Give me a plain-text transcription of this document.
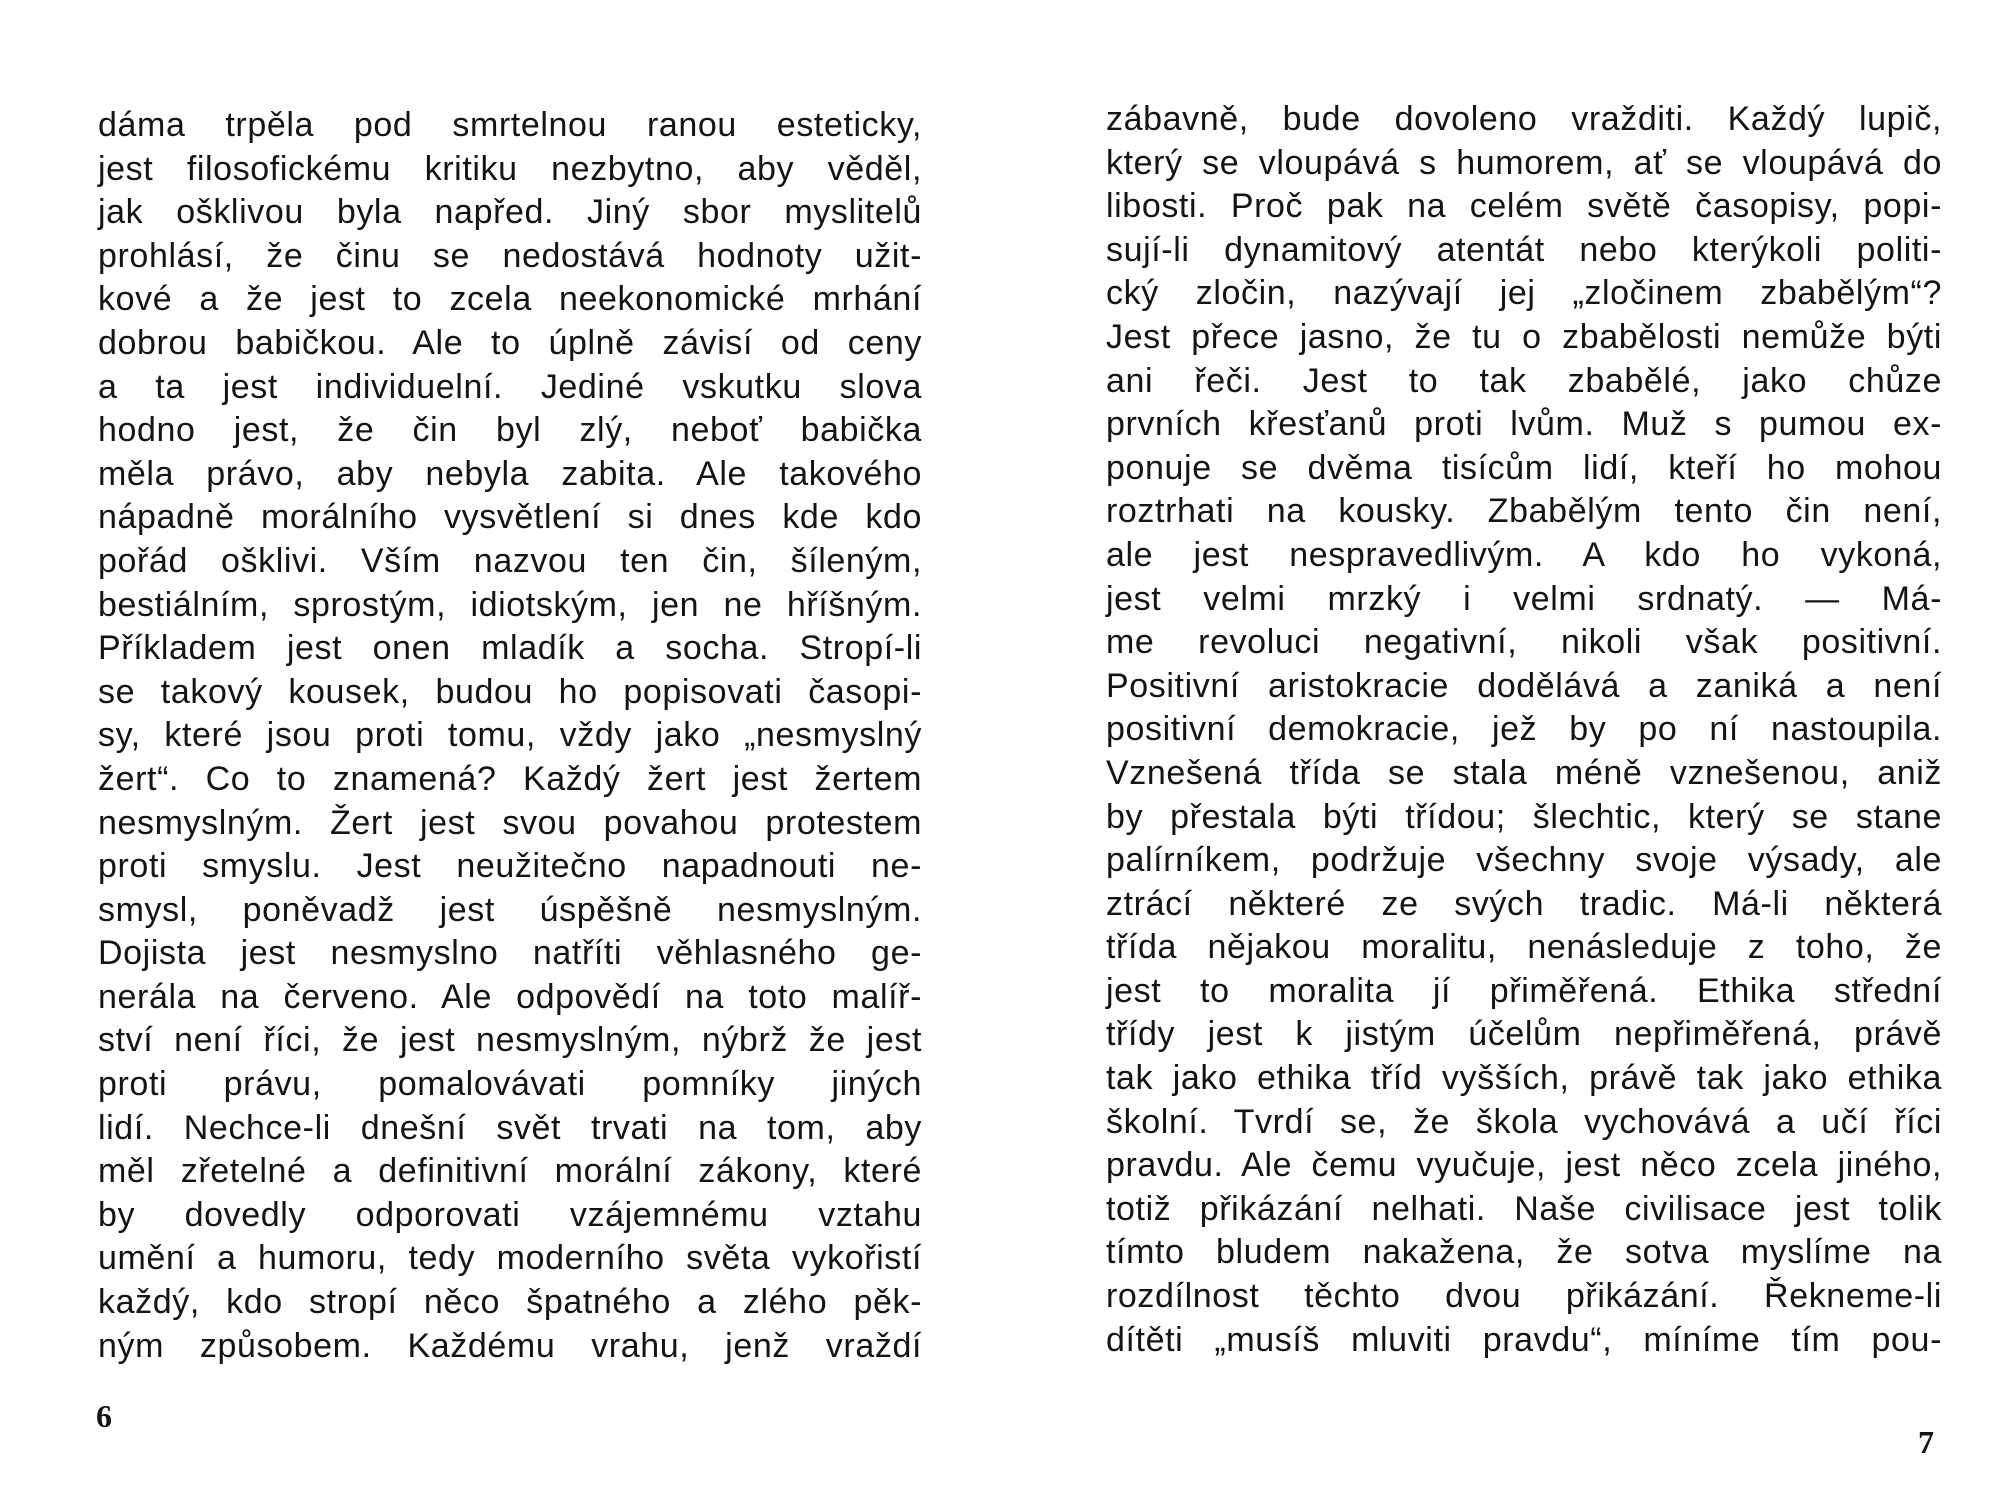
dáma trpěla pod smrtelnou ranou esteticky,
jest filosofickému kritiku nezbytno, aby věděl,
jak ošklivou byla napřed. Jiný sbor myslitelů
prohlásí, že činu se nedostává hodnoty užit-
kové a že jest to zcela neekonomické mrhání
dobrou babičkou. Ale to úplně závisí od ceny
a ta jest individuelní. Jediné vskutku slova
hodno jest, že čin byl zlý, neboť babička
měla právo, aby nebyla zabita. Ale takového
nápadně morálního vysvětlení si dnes kde kdo
pořád ošklivi. Vším nazvou ten čin, šíleným,
bestiálním, sprostým, idiotským, jen ne hříšným.
Příkladem jest onen mladík a socha. Stropí-li
se takový kousek, budou ho popisovati časopi-
sy, které jsou proti tomu, vždy jako „nesmyslný
žert“. Co to znamená? Každý žert jest žertem
nesmyslným. Žert jest svou povahou protestem
proti smyslu. Jest neužitečno napadnouti ne-
smysl, poněvadž jest úspěšně nesmyslným.
Dojista jest nesmyslno natříti věhlasného ge-
nerála na červeno. Ale odpovědí na toto malíř-
ství není říci, že jest nesmyslným, nýbrž že jest
proti právu, pomalovávati pomníky jiných
lidí. Nechce-li dnešní svět trvati na tom, aby
měl zřetelné a definitivní morální zákony, které
by dovedly odporovati vzájemnému vztahu
umění a humoru, tedy moderního světa vykořistí
každý, kdo stropí něco špatného a zlého pěk-
ným způsobem. Každému vrahu, jenž vraždí
6
zábavně, bude dovoleno vražditi. Každý lupič,
který se vloupává s humorem, ať se vloupává do
libosti. Proč pak na celém světě časopisy, popi-
sují-li dynamitový atentát nebo kterýkoli politi-
cký zločin, nazývají jej „zločinem zbabělým“?
Jest přece jasno, že tu o zbabělosti nemůže býti
ani řeči. Jest to tak zbabělé, jako chůze
prvních křesťanů proti lvům. Muž s pumou ex-
ponuje se dvěma tisícům lidí, kteří ho mohou
roztrhati na kousky. Zbabělým tento čin není,
ale jest nespravedlivým. A kdo ho vykoná,
jest velmi mrzký i velmi srdnatý. — Má-
me revoluci negativní, nikoli však positivní.
Positivní aristokracie dodělává a zaniká a není
positivní demokracie, jež by po ní nastoupila.
Vznešená třída se stala méně vznešenou, aniž
by přestala býti třídou; šlechtic, který se stane
palírníkem, podržuje všechny svoje výsady, ale
ztrácí některé ze svých tradic. Má-li některá
třída nějakou moralitu, nenásleduje z toho, že
jest to moralita jí přiměřená. Ethika střední
třídy jest k jistým účelům nepřiměřená, právě
tak jako ethika tříd vyšších, právě tak jako ethika
školní. Tvrdí se, že škola vychovává a učí říci
pravdu. Ale čemu vyučuje, jest něco zcela jiného,
totiž přikázání nelhati. Naše civilisace jest tolik
tímto bludem nakažena, že sotva myslíme na
rozdílnost těchto dvou přikázání. Řekneme-li
dítěti „musíš mluviti pravdu“, míníme tím pou-
7
